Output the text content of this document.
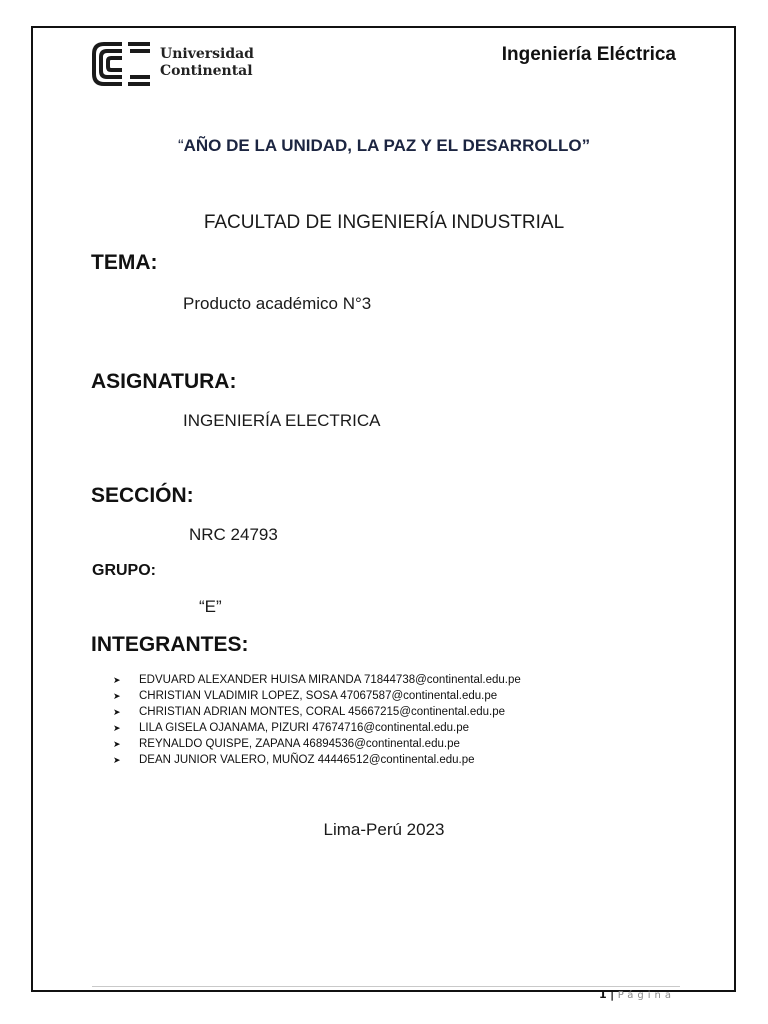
Universidad
Continental
Ingeniería Eléctrica
“AÑO DE LA UNIDAD, LA PAZ Y EL DESARROLLO”
FACULTAD DE INGENIERÍA INDUSTRIAL
TEMA:
Producto académico N°3
ASIGNATURA:
INGENIERÍA ELECTRICA
SECCIÓN:
NRC 24793
GRUPO:
“E”
INTEGRANTES:
➤	EDVUARD ALEXANDER HUISA MIRANDA 71844738@continental.edu.pe
➤	CHRISTIAN VLADIMIR LOPEZ, SOSA 47067587@continental.edu.pe
➤	CHRISTIAN ADRIAN MONTES, CORAL 45667215@continental.edu.pe
➤	LILA GISELA OJANAMA, PIZURI 47674716@continental.edu.pe
➤	REYNALDO QUISPE, ZAPANA 46894536@continental.edu.pe
➤	DEAN JUNIOR VALERO, MUÑOZ 44446512@continental.edu.pe
Lima-Perú 2023
1 | Página
